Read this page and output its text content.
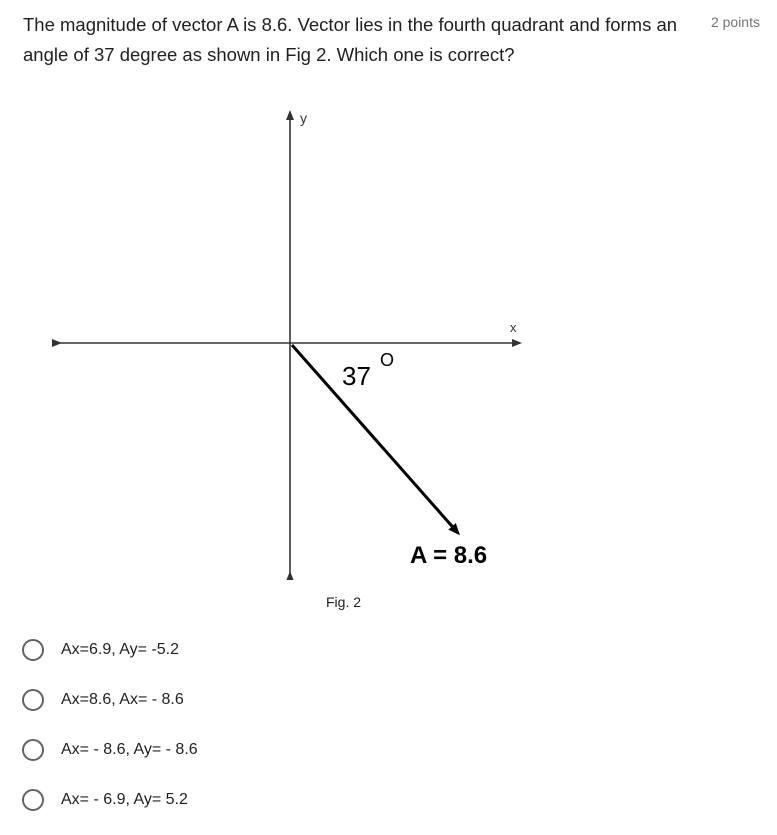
The magnitude of vector A is 8.6. Vector lies in the fourth quadrant and forms an angle of 37 degree as shown in Fig 2. Which one is correct?
2 points
y
x
37
O
A = 8.6
Fig. 2
Ax=6.9, Ay= -5.2
Ax=8.6, Ax= - 8.6
Ax= - 8.6, Ay= - 8.6
Ax= - 6.9, Ay= 5.2
